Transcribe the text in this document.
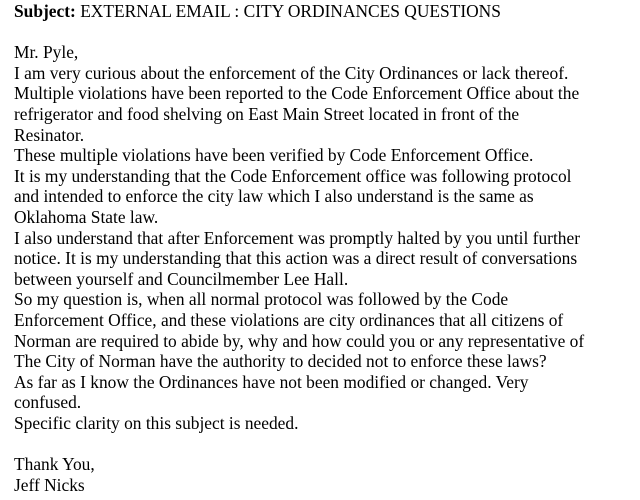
Subject: EXTERNAL EMAIL : CITY ORDINANCES QUESTIONS
Mr. Pyle,
I am very curious about the enforcement of the City Ordinances or lack thereof.
Multiple violations have been reported to the Code Enforcement Office about the
refrigerator and food shelving on East Main Street located in front of the
Resinator.
These multiple violations have been verified by Code Enforcement Office.
It is my understanding that the Code Enforcement office was following protocol
and intended to enforce the city law which I also understand is the same as
Oklahoma State law.
I also understand that after Enforcement was promptly halted by you until further
notice. It is my understanding that this action was a direct result of conversations
between yourself and Councilmember Lee Hall.
So my question is, when all normal protocol was followed by the Code
Enforcement Office, and these violations are city ordinances that all citizens of
Norman are required to abide by, why and how could you or any representative of
The City of Norman have the authority to decided not to enforce these laws?
As far as I know the Ordinances have not been modified or changed. Very
confused.
Specific clarity on this subject is needed.
Thank You,
Jeff Nicks
